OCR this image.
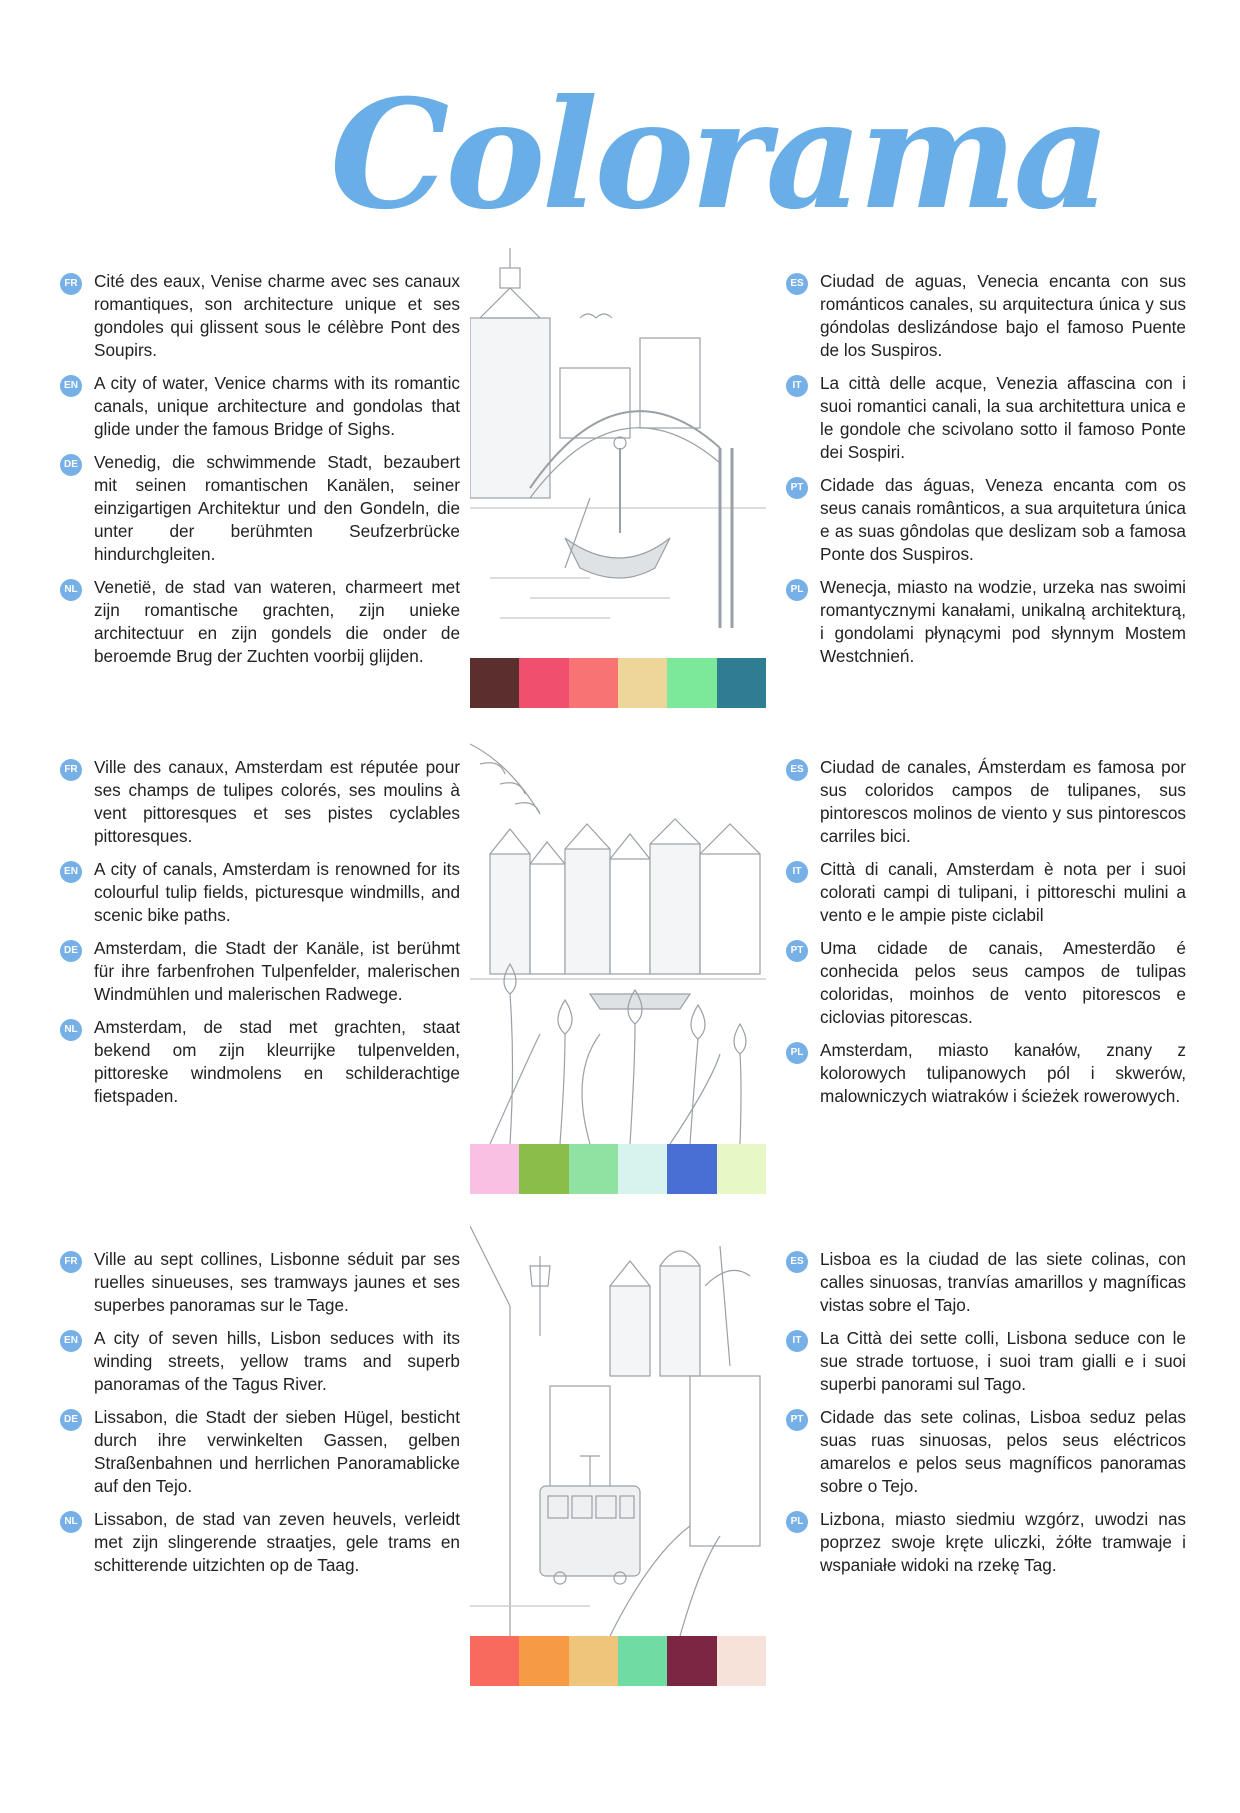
Colorama
FR Cité des eaux, Venise charme avec ses canaux romantiques, son architecture unique et ses gondoles qui glissent sous le célèbre Pont des Soupirs.

EN A city of water, Venice charms with its romantic canals, unique architecture and gondolas that glide under the famous Bridge of Sighs.

DE Venedig, die schwimmende Stadt, bezaubert mit seinen romantischen Kanälen, seiner einzigartigen Architektur und den Gondeln, die unter der berühmten Seufzerbrücke hindurchgleiten.

NL Venetië, de stad van wateren, charmeert met zijn romantische grachten, zijn unieke architectuur en zijn gondels die onder de beroemde Brug der Zuchten voorbij glijden.

ES Ciudad de aguas, Venecia encanta con sus románticos canales, su arquitectura única y sus góndolas deslizándose bajo el famoso Puente de los Suspiros.

IT	La città delle acque, Venezia affascina con i suoi romantici canali, la sua architettura unica e le gondole che scivolano sotto il famoso Ponte dei Sospiri.

PT Cidade das águas, Veneza encanta com os seus canais românticos, a sua arquitetura única e as suas gôndolas que deslizam sob a famosa Ponte dos Suspiros.

PL Wenecja, miasto na wodzie, urzeka nas swoimi romantycznymi kanałami, unikalną architekturą, i gondolami płynącymi pod słynnym Mostem Westchnień.

FR Ville des canaux, Amsterdam est réputée pour ses champs de tulipes colorés, ses moulins à vent pittoresques et ses pistes cyclables pittoresques.

EN A city of canals, Amsterdam is renowned for its colourful tulip fields, picturesque windmills, and scenic bike paths.

DE Amsterdam, die Stadt der Kanäle, ist berühmt für ihre farbenfrohen Tulpenfelder, malerischen Windmühlen und malerischen Radwege.

NL Amsterdam, de stad met grachten, staat bekend om zijn kleurrijke tulpenvelden, pittoreske windmolens en schilderachtige fietspaden.

ES Ciudad de canales, Ámsterdam es famosa por sus coloridos campos de tulipanes, sus pintorescos molinos de viento y sus pintorescos carriles bici.

IT	Città di canali, Amsterdam è nota per i suoi colorati campi di tulipani, i pittoreschi mulini a vento e le ampie piste ciclabil

PT Uma cidade de canais, Amesterdão é conhecida pelos seus campos de tulipas coloridas, moinhos de vento pitorescos e ciclovias pitorescas.

PL Amsterdam, miasto kanałów, znany z kolorowych tulipanowych pól i skwerów, malowniczych wiatraków i ścieżek rowerowych.

FR Ville au sept collines, Lisbonne séduit par ses ruelles sinueuses, ses tramways jaunes et ses superbes panoramas sur le Tage.

EN A city of seven hills, Lisbon seduces with its winding streets, yellow trams and superb panoramas of the Tagus River.

DE Lissabon, die Stadt der sieben Hügel, besticht durch ihre verwinkelten Gassen, gelben Straßenbahnen und herrlichen Panoramablicke auf den Tejo.

NL Lissabon, de stad van zeven heuvels, verleidt met zijn slingerende straatjes, gele trams en schitterende uitzichten op de Taag.

ES Lisboa es la ciudad de las siete colinas, con calles sinuosas, tranvías amarillos y magníficas vistas sobre el Tajo.

IT	La Città dei sette colli, Lisbona seduce con le sue strade tortuose, i suoi tram gialli e i suoi superbi panorami sul Tago.

PT Cidade das sete colinas, Lisboa seduz pelas suas ruas sinuosas, pelos seus eléctricos amarelos e pelos seus magníficos panoramas sobre o Tejo.

PL Lizbona, miasto siedmiu wzgórz, uwodzi nas poprzez swoje kręte uliczki, żółte tramwaje i wspaniałe widoki na rzekę Tag.
